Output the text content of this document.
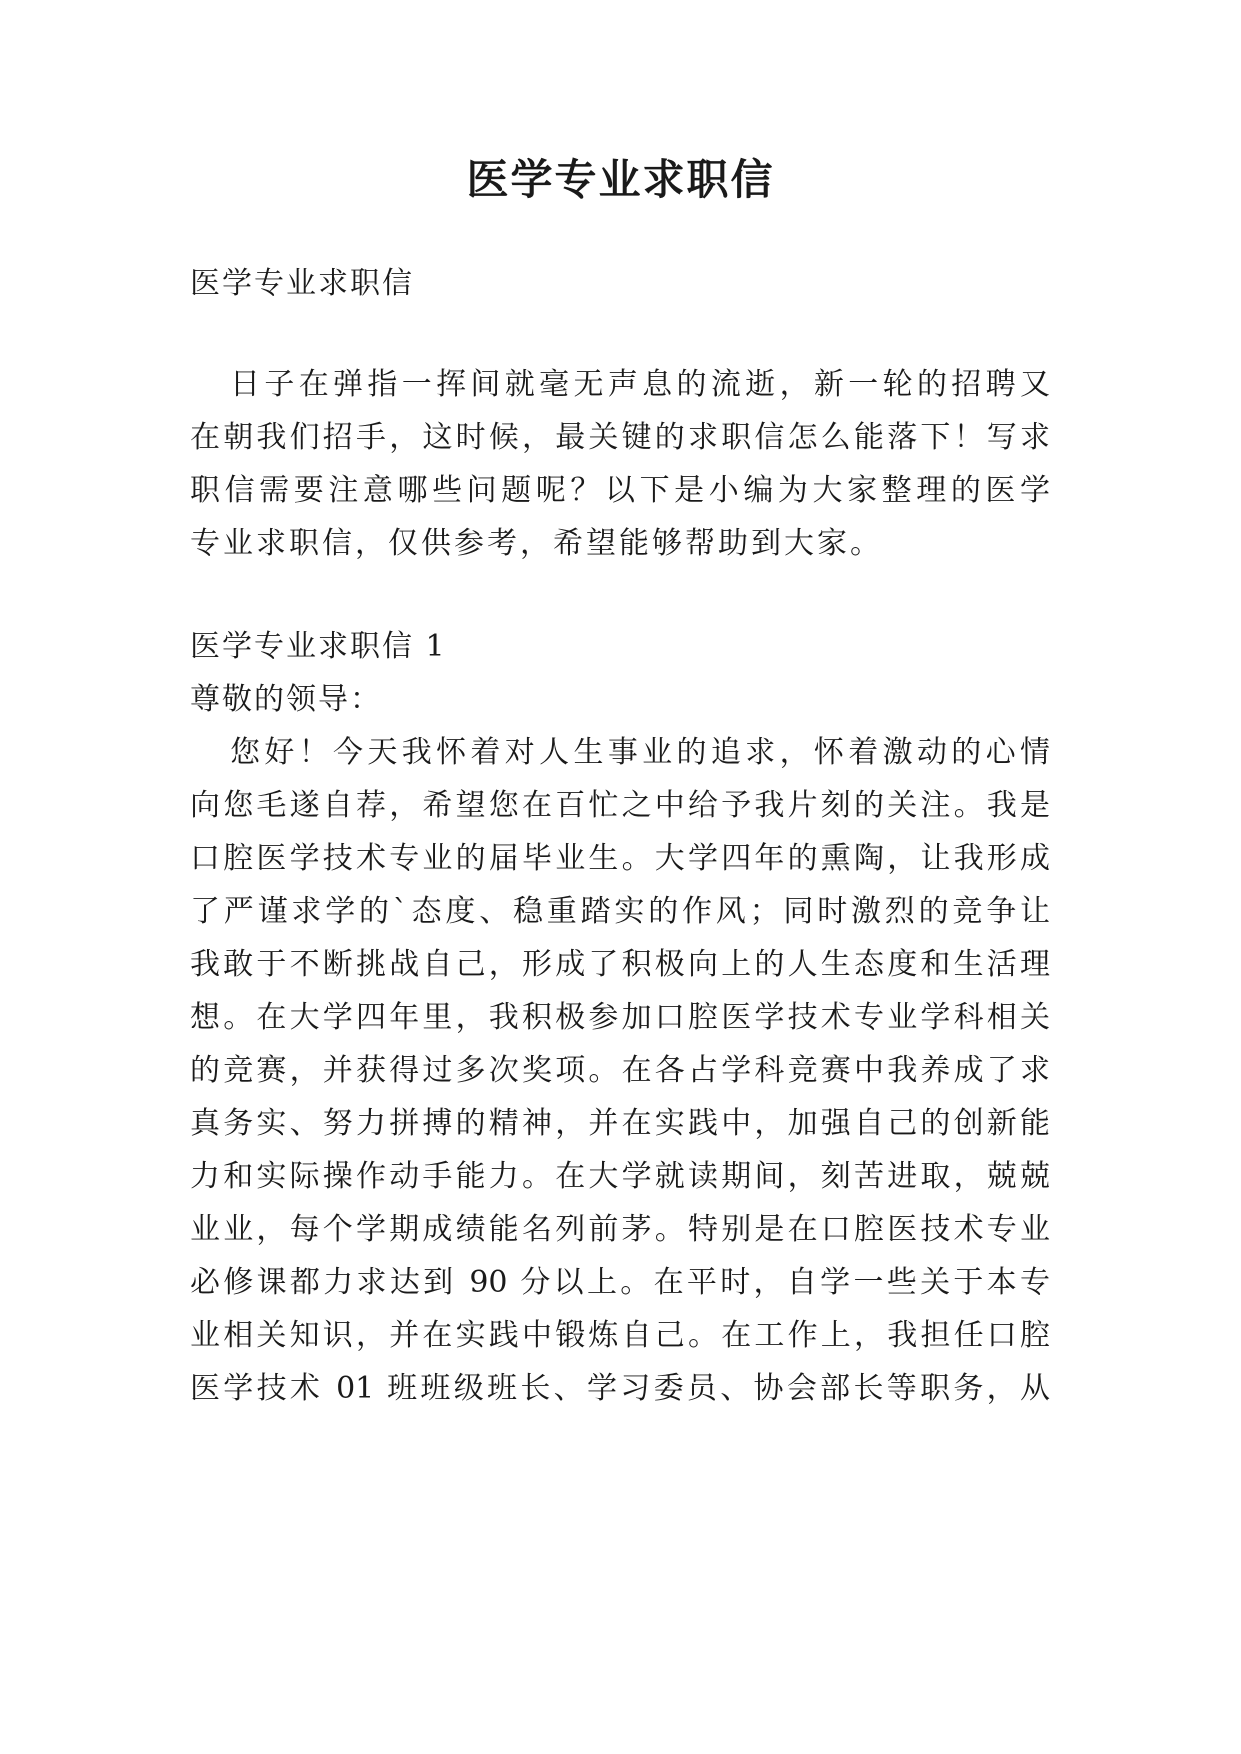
医学专业求职信
医学专业求职信
日子在弹指一挥间就毫无声息的流逝，新一轮的招聘又
在朝我们招手，这时候，最关键的求职信怎么能落下！写求
职信需要注意哪些问题呢？以下是小编为大家整理的医学
专业求职信，仅供参考，希望能够帮助到大家。
医学专业求职信 1
尊敬的领导：
您好！今天我怀着对人生事业的追求，怀着激动的心情
向您毛遂自荐，希望您在百忙之中给予我片刻的关注。我是
口腔医学技术专业的届毕业生。大学四年的熏陶，让我形成
了严谨求学的`态度、稳重踏实的作风；同时激烈的竞争让
我敢于不断挑战自己，形成了积极向上的人生态度和生活理
想。在大学四年里，我积极参加口腔医学技术专业学科相关
的竞赛，并获得过多次奖项。在各占学科竞赛中我养成了求
真务实、努力拼搏的精神，并在实践中，加强自己的创新能
力和实际操作动手能力。在大学就读期间，刻苦进取，兢兢
业业，每个学期成绩能名列前茅。特别是在口腔医技术专业
必修课都力求达到 90 分以上。在平时，自学一些关于本专
业相关知识，并在实践中锻炼自己。在工作上，我担任口腔
医学技术 01 班班级班长、学习委员、协会部长等职务，从
